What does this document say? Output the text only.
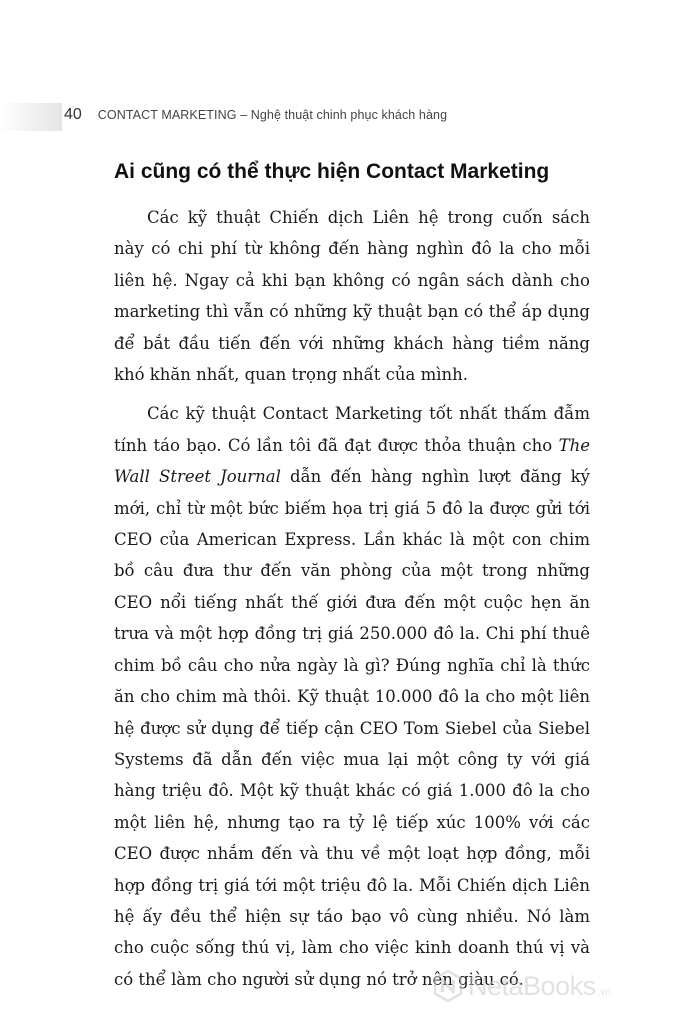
40 CONTACT MARKETING – Nghệ thuật chinh phục khách hàng
Ai cũng có thể thực hiện Contact Marketing

Các kỹ thuật Chiến dịch Liên hệ trong cuốn sách này có chi phí từ không đến hàng nghìn đô la cho mỗi liên hệ. Ngay cả khi bạn không có ngân sách dành cho marketing thì vẫn có những kỹ thuật bạn có thể áp dụng để bắt đầu tiến đến với những khách hàng tiềm năng khó khăn nhất, quan trọng nhất của mình.

Các kỹ thuật Contact Marketing tốt nhất thấm đẫm tính táo bạo. Có lần tôi đã đạt được thỏa thuận cho The Wall Street Journal dẫn đến hàng nghìn lượt đăng ký mới, chỉ từ một bức biếm họa trị giá 5 đô la được gửi tới CEO của American Express. Lần khác là một con chim bồ câu đưa thư đến văn phòng của một trong những CEO nổi tiếng nhất thế giới đưa đến một cuộc hẹn ăn trưa và một hợp đồng trị giá 250.000 đô la. Chi phí thuê chim bồ câu cho nửa ngày là gì? Đúng nghĩa chỉ là thức ăn cho chim mà thôi. Kỹ thuật 10.000 đô la cho một liên hệ được sử dụng để tiếp cận CEO Tom Siebel của Siebel Systems đã dẫn đến việc mua lại một công ty với giá hàng triệu đô. Một kỹ thuật khác có giá 1.000 đô la cho một liên hệ, nhưng tạo ra tỷ lệ tiếp xúc 100% với các CEO được nhắm đến và thu về một loạt hợp đồng, mỗi hợp đồng trị giá tới một triệu đô la. Mỗi Chiến dịch Liên hệ ấy đều thể hiện sự táo bạo vô cùng nhiều. Nó làm cho cuộc sống thú vị, làm cho việc kinh doanh thú vị và có thể làm cho người sử dụng nó trở nên giàu có.

NetaBooks .vn
